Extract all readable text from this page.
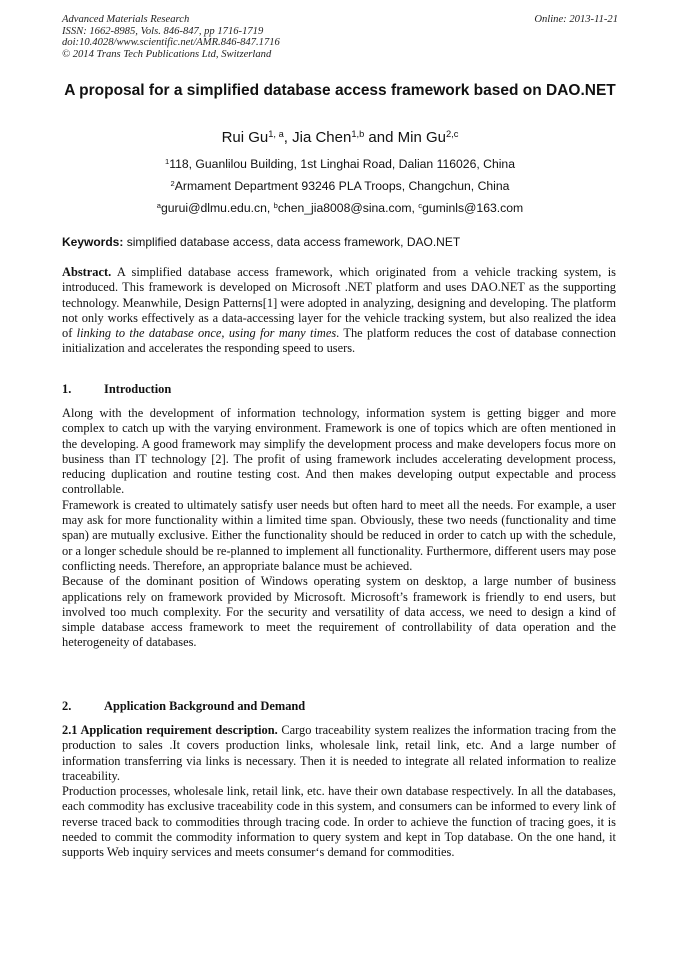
Advanced Materials Research
ISSN: 1662-8985, Vols. 846-847, pp 1716-1719
doi:10.4028/www.scientific.net/AMR.846-847.1716
© 2014 Trans Tech Publications Ltd, Switzerland
Online: 2013-11-21
A proposal for a simplified database access framework based on DAO.NET
Rui Gu$^{1, a}$, Jia Chen$^{1,b}$ and Min Gu$^{2,c}$
$^1$118, Guanlilou Building, 1st Linghai Road, Dalian 116026, China
$^2$Armament Department 93246 PLA Troops, Changchun, China
$^a$gurui@dlmu.edu.cn, $^b$chen_jia8008@sina.com, $^c$guminls@163.com
Keywords: simplified database access, data access framework, DAO.NET

Abstract. A simplified database access framework, which originated from a vehicle tracking system, is introduced. This framework is developed on Microsoft .NET platform and uses DAO.NET as the supporting technology. Meanwhile, Design Patterns[1] were adopted in analyzing, designing and developing. The platform not only works effectively as a data-accessing layer for the vehicle tracking system, but also realized the idea of linking to the database once, using for many times. The platform reduces the cost of database connection initialization and accelerates the responding speed to users.

1.	Introduction

Along with the development of information technology, information system is getting bigger and more complex to catch up with the varying environment. Framework is one of topics which are often mentioned in the developing. A good framework may simplify the development process and make developers focus more on business than IT technology [2]. The profit of using framework includes accelerating development process, reducing duplication and routine testing cost. And then makes developing output expectable and process controllable.

Framework is created to ultimately satisfy user needs but often hard to meet all the needs. For example, a user may ask for more functionality within a limited time span. Obviously, these two needs (functionality and time span) are mutually exclusive. Either the functionality should be reduced in order to catch up with the schedule, or a longer schedule should be re-planned to implement all functionality. Furthermore, different users may pose conflicting needs. Therefore, an appropriate balance must be achieved.

Because of the dominant position of Windows operating system on desktop, a large number of business applications rely on framework provided by Microsoft. Microsoft’s framework is friendly to end users, but involved too much complexity. For the security and versatility of data access, we need to design a kind of simple database access framework to meet the requirement of controllability of data operation and the heterogeneity of databases.

2.	Application Background and Demand

2.1 Application requirement description. Cargo traceability system realizes the information tracing from the production to sales .It covers production links, wholesale link, retail link, etc. And a large number of information transferring via links is necessary. Then it is needed to integrate all related information to realize traceability.

Production processes, wholesale link, retail link, etc. have their own database respectively. In all the databases, each commodity has exclusive traceability code in this system, and consumers can be informed to every link of reverse traced back to commodities through tracing code. In order to achieve the function of tracing goes, it is needed to commit the commodity information to query system and kept in Top database. On the one hand, it supports Web inquiry services and meets consumer‘s demand for commodities.
